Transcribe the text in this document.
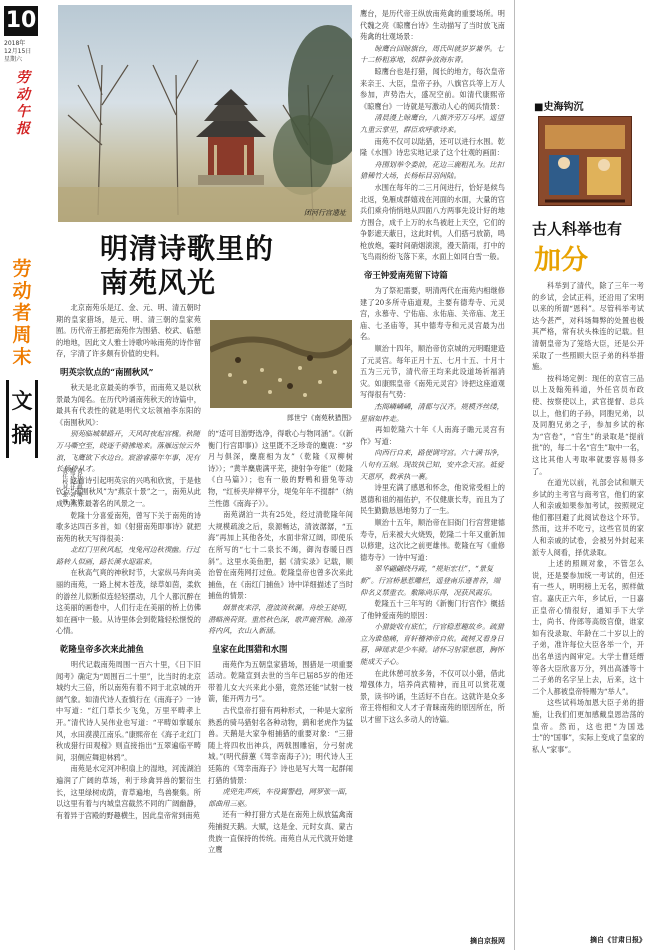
10
2018年
12月15日
星期六
劳动午报
劳动者周末
文摘
责任编辑 周 倩
版式设计 刘 芳
责任校对 张 静
团河行宫遗址
明清诗歌里的
南苑风光
　　北京南苑乐是辽、金、元、明、清五朝时期的皇家猎场，是元、明、清三朝的皇家苑囿。历代帝王都把南苑作为围猎、校武、临憩的地地，因此文人雅士诗歌吟咏南苑的诗作留存，字清了许多颇有价值的史料。
明英宗钦点的“南囿秋风”
　　秋天是北京最美的季节，而南苑又是以秋景最为闻名。在历代吟诵南苑秋天的诗篇中，最具有代表性的就是明代文坛领袖李东阳的《南囿秋风》：
　　别苑临城辇路开，天风时夜起宫槐。秋随万马嘶空至，晓逐千骑拂地来。落雁远惊云外浪，飞鹰欲下水边台。宸游睿藻年年事，况有长杨侍从才。
　　这首诗引起明英宗的兴鸣和欣赏，于是他钦点“南囿秋风”为“燕京十景”之一，南苑从此成为燕京最著名的风景之一。
　　乾隆十分喜爱南苑，曾写下关于南苑的诗歌多达四百多首，如《射猎南苑即事诗》就把南苑的秋天写得很美：
　　北红门里秋风起，曳兔河边秋禊幽。行过路转人似画，路长溪水迎霜来。
　　在秋高气爽的神秋时节，大家纵马奔向美丽的南苑，一路上树木苍茂，绿草如茵，柔软的游丝儿似断似连轻轻摆动，几个人都沉醉在这美丽的画卷中，人们行走在美丽的桥上仿佛如在画中一般。从诗里体会到乾隆轻松惬悦的心情。
乾隆皇帝多次来此捕鱼
　　明代记载南苑周围一百六十里，《日下旧闻考》确定为“周围百二十里”，比当时的北京城约大三倍，所以南苑有着不同于北京城的开阔气象。如清代诗人查慎行在《南海子》一诗中写道：“红门草长少飞兔，万里平畴孝上开。”清代诗人吴伟业也写道：“平畴如掌暖东风，水田漠漠江南乐。”康熙帝在《海子北红门秋成猎行田观稼》则直接指出“五翠遍临平畴间，羽侧应舞迎林鸦”。
　　南苑是水定河冲积扇上的湿地，河流湖泊遍润了广阔的草场，利于珍禽异兽的繁衍生长，这里绿树成荫，青草遍地，鸟兽聚集。所以这里有着与内城皇宫截然不同的广阔幽静，有着异于宫殿的野趣横生，因此皇帝常到南苑
郎世宁《南苑秋猎图》
的“适可目游野选净，得歌心与物同涵”。《(新衡门行宫即事)》这里既不乏珍奇的麋鹿：“岁月与俱深，麋鹿相为友”（乾隆《双柳树诗》）；“黄羊麋鹿满平芜，捷射争夸能”（乾隆《白马篇》）；也有一般的野鸭和猎兔等动物，“红桥夹岸柳平分，堤兔年年不掇群”（纳兰性德《南海子》）。
　　南苑湖泊一共有25处，经过清乾隆年间大规模疏浚之后，泉源畅达，清波潺潺，“五海”再加上其他各处，水面非常辽阔，即使乐在所写的“七十二泉长不竭，御沟春暖日西斜”。这里水美鱼肥，据《清实录》记载，顺治曾在南苑网打过鱼。乾隆皇帝也曾多次来此捕鱼，在《南红门捕鱼》诗中详细描述了当时捕鱼的情景：
　　烟景夜来浮，澄波淡秋澜。舟绘王徒明，潜略渔荷贤。重然秋色深，歌声鹿营釉。漁荡将内风，衣山入新涵。
皇家在此围猎和水围
　　南苑作为五朝皇家猎场，围猎是一项重要活动。乾隆宣到去世的当年已届85岁的他还带着儿女大兴来此小猎，竟然还能“试射一枝箭，能开两力弓”。
　　古代皇帝打猎有两种形式，一种是大家所熟悉的骑马猎射名各种动物，鹞和老虎作为猛兽。天鹅是大家争相捕猎的重要对象：“三猎随上将四枚出神兵，两戟围雕宿，分弓射虎城。”(明代薛蕙《驾幸南海子》)；明代诗人王廷陈的《驾幸南海子》诗也是写大驾一起群闹打猎的情景：
　　虎兜先声疾，车役翼警趋，网罗张一面，部曲用三驱。
　　还有一种打猎方式是在南苑上纵放猛禽南苑捕捉天鹅。大赋，这是金、元时女真、蒙古贵族一直保持的传统。南苑自从元代就开始建立鹰
鹰台，是历代帝王纵放南苑禽的重要场所。明代魏之亮《晾鹰台诗》生动描写了当时放飞南苑禽的壮观场景：
　　晾鹰台回晾旗台，周氏叫就岁岁兼华。七十二桥粗寡地，娱群争放海东青。
　　晾鹰台也是打猎，闻长的地方，每次皇帝来亲王、大臣，皇帝子孙，八旗官兵等上万人参加，声势浩大，盛况空前。如清代康熙帝《晾鹰台》一诗就是写激动人心的阅兵情景：
　　清晨漫上晾鹰台，八旗齐劳万马坪。遥望九重云掌里，群臣欢呼歌诗来。
　　南苑不仅可以陆猎，还可以进行水围。乾隆《水围》诗忠实地记录了这个壮观的画面：
　　舟围划举令委浪，花边三鹿粗礼为。比扣猎稀竹大场，长杨标目羽间陆。
　　水围在每年的二三月间进行，恰好是候鸟北返，兔雁成群嬉戏在河面的水面，大量的官兵们乘舟悄悄地从四面八方两事先设计好的地方围合，成千上万的水鸟被赶上天空，它们的争影遮天蔽日，这此时机，人们搭弓放箭，鸣枪放炮，霎时间硝烟滚滚，漫天箭雨，打中的飞鸟雨纷纷飞落下来，水面上如同白雪一般。
帝王钟爱南苑留下诗篇
　　为了祭祀需要，明清两代在南苑内相继修建了20多所寺庙道观，主要有德寿寺、元灵宫，永慕寺、宁佑庙、永佑庙、关帝庙、龙王庙、七圣庙等，其中德寿寺和元灵宫最为出名。
　　顺治十四年，顺治帝仿京城的元明暇建造了元灵宫。每年正月十五、七月十五、十月十五为三元节，清代帝王均来此设道场祈福消灾。如康熙皇帝《南苑元灵宫》诗把这座道观写得很有气势：
　　杰阁嶙嶙嶙，清都与汉齐。规模齐丝缕，星宿如杵走。
　　再如乾隆六十年《人南海子瞻元灵宫有作》写道：
　　向西行自来，路便调穹宫。六十满书净，八旬有五刻。现故执已知，安卉念天宫。祗爱天恩厚，数承执一裹。
　　诗里充满了感恩和怀念，他说常受相上的恩德和祖的福佑护，不仅健康长寿，而且为了民生勤勤恳恳地努力了一生。
　　顺治十五年，顺治帝在旧衙门行宫营建德寿寺，后来被大火烧毁，乾隆二十年又重新加以修建，这次比之前更雄伟。乾隆在写《重修德寿寺》一诗中写道：
　　翠华翩翩绕丹霞，“规矩宏壮”，“景复新”。行宫桥悬惹雕栏，遥登南乐遵普谷，端仰名义禁重衣。敷陈尚乐得，况获风霞乐。
　　乾隆五十三年写的《新衡门行宫作》概括了他钟爱南苑的原因：
　　小猎旋收有底忙，行官稳惹趣故乡。疏猎立为谁他痛，育轩稽神帝自依。疏树又看身日暮，碑瑶求是少车骑。诸怀习射蒙慈恩，胸怀能成天子心。
　　在此休憩可放多务，不仅可以小猎，借此增强体力，培养尚武精神，而且可以赏花观景，读书吟诵，生活好不自在。这就许是众多帝王将相和文人才子青睐南苑的原因所在，所以才留下这么多动人的诗篇。
摘自京报网
■史海钩沉
古人科举也有
加分
　　科举到了清代，除了三年一考的乡试，会试正科，还沿用了宋明以来的所谓“恩科”。尽管科举考试达今甚严，对科场舞弊的处置也极其严格，常有状头株连的记载。但清朝皇帝为了笼络大臣，还是公开采取了一些照顾大臣子弟的科举措施。
　　按科场定例：现任的京官三品以上及翰苑科道，外任官员布政使、按察使以上，武官提督、总兵以上，他们的子孙，同胞兄弟，以及同胞兄弟之子，参加乡试的称为“官卷”，“官生”的录取是“提前批”的，每二十名“官生”取中一名，这比其他人考取率就要容易得多了。
　　在道光以前，礼部会试和顺天乡试的主考官与商考官，他们的家人和亲戚如果参加考试，按照规定他们都回避了此阅试卷这个环节。然而，这并不吃亏，这些官员的家人和亲戚的试卷，会被另外封起来派专人阅看，择优录取。
　　上述的照顾对象，不管怎么说，还是要参加统一考试的，但还有一些人，明明榜上无名，照样做官。嘉庆正六年，乡试后，一日嘉正皇帝心情很好，通知手下大学士，尚书、侍郎等高级官僚，谁家如有没录取、年龄在二十岁以上的子弟，准许每位大臣各举一个，开出名单送内阁审定。大学士曹廷缙等各大臣欣喜万分，列出高潘等十二子弟的名字呈上去，后来，这十二个人都被皇帝特赐为“举人”。
　　这些试科场加恩大臣子弟的措施，让我们们更加感戴皇恩浩荡的皇帝。然而，这也把“为国选士”的“国事”，实际上变成了皇家的私人“家事”。
摘自《甘肃日报》
